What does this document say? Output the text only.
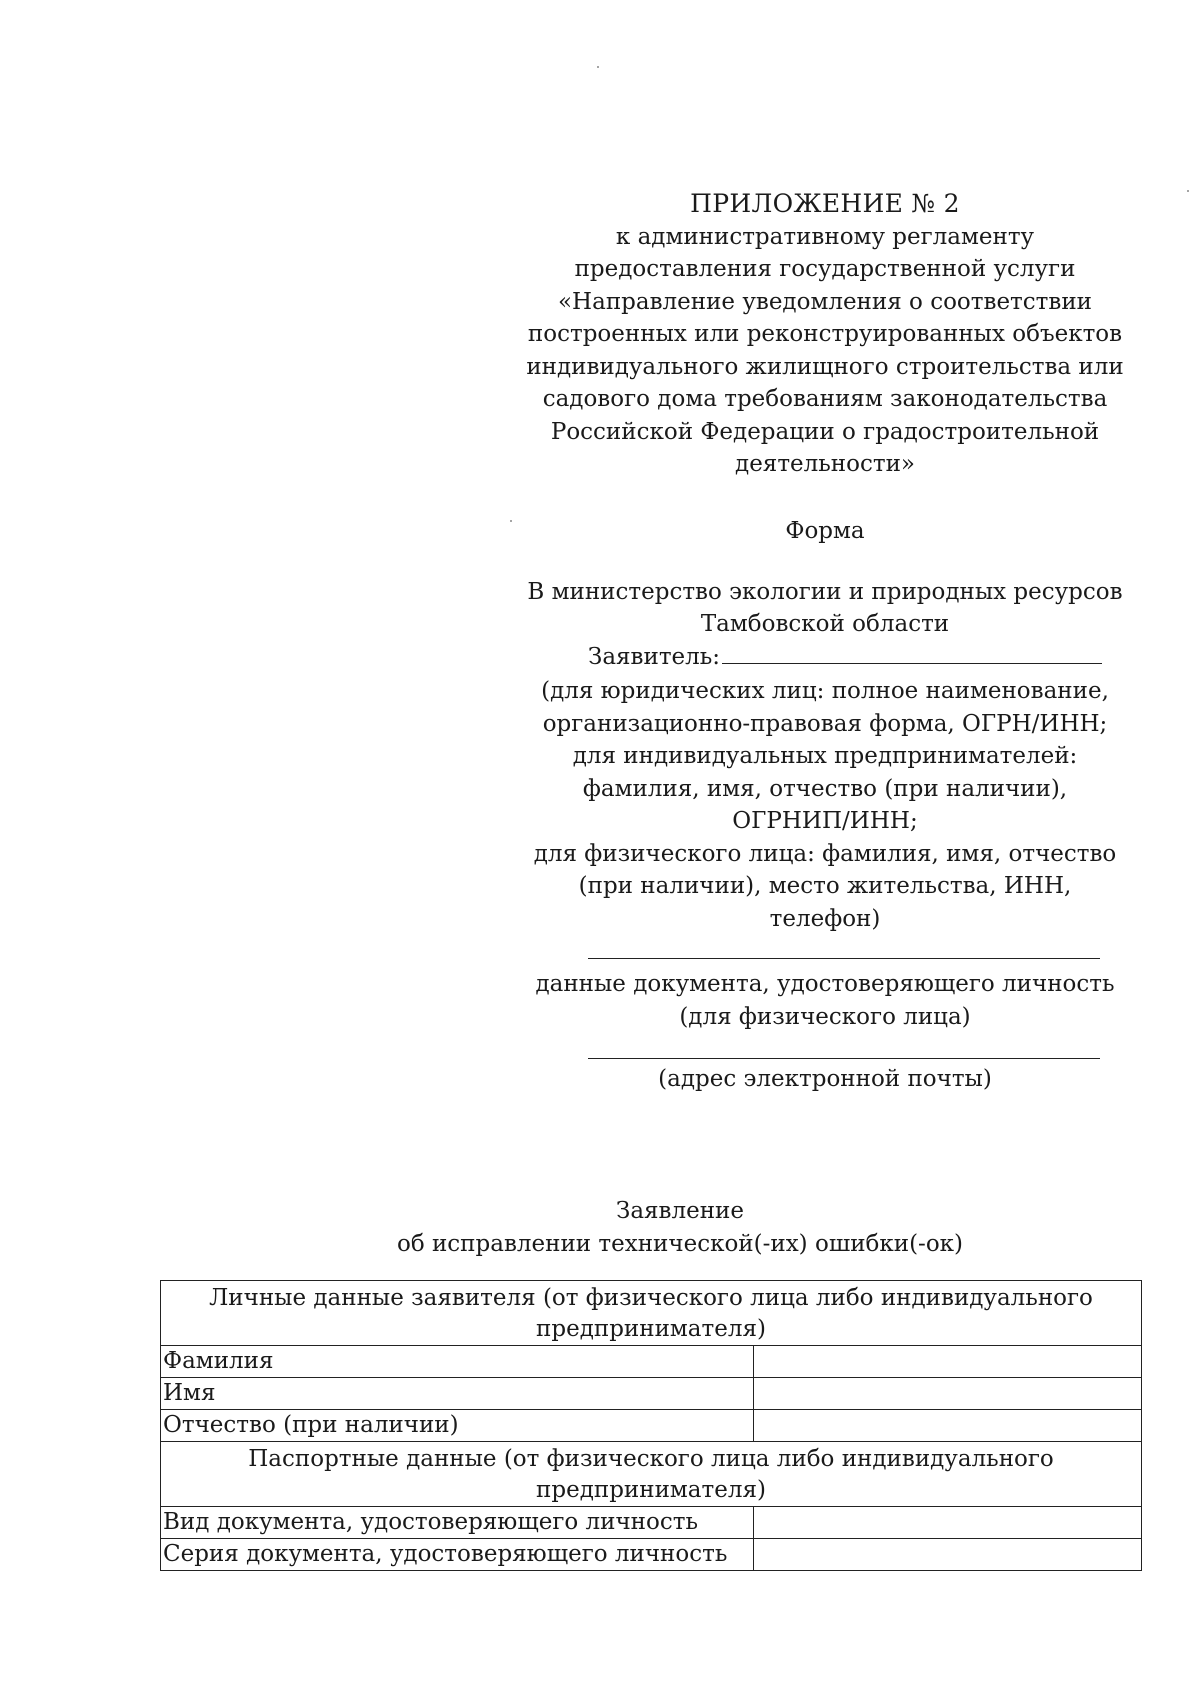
ПРИЛОЖЕНИЕ № 2
к административному регламенту
предоставления государственной услуги
«Направление уведомления о соответствии
построенных или реконструированных объектов
индивидуального жилищного строительства или
садового дома требованиям законодательства
Российской Федерации о градостроительной
деятельности»
Форма
В министерство экологии и природных ресурсов
Тамбовской области
Заявитель:
(для юридических лиц: полное наименование,
организационно-правовая форма, ОГРН/ИНН;
для индивидуальных предпринимателей:
фамилия, имя, отчество (при наличии),
ОГРНИП/ИНН;
для физического лица: фамилия, имя, отчество
(при наличии), место жительства, ИНН,
телефон)
данные документа, удостоверяющего личность
(для физического лица)
(адрес электронной почты)
Заявление
об исправлении технической(-их) ошибки(-ок)
Личные данные заявителя (от физического лица либо индивидуального предпринимателя)	
Фамилия	
Имя	
Отчество (при наличии)	
Паспортные данные (от физического лица либо индивидуального предпринимателя)	
Вид документа, удостоверяющего личность	
Серия документа, удостоверяющего личность	
